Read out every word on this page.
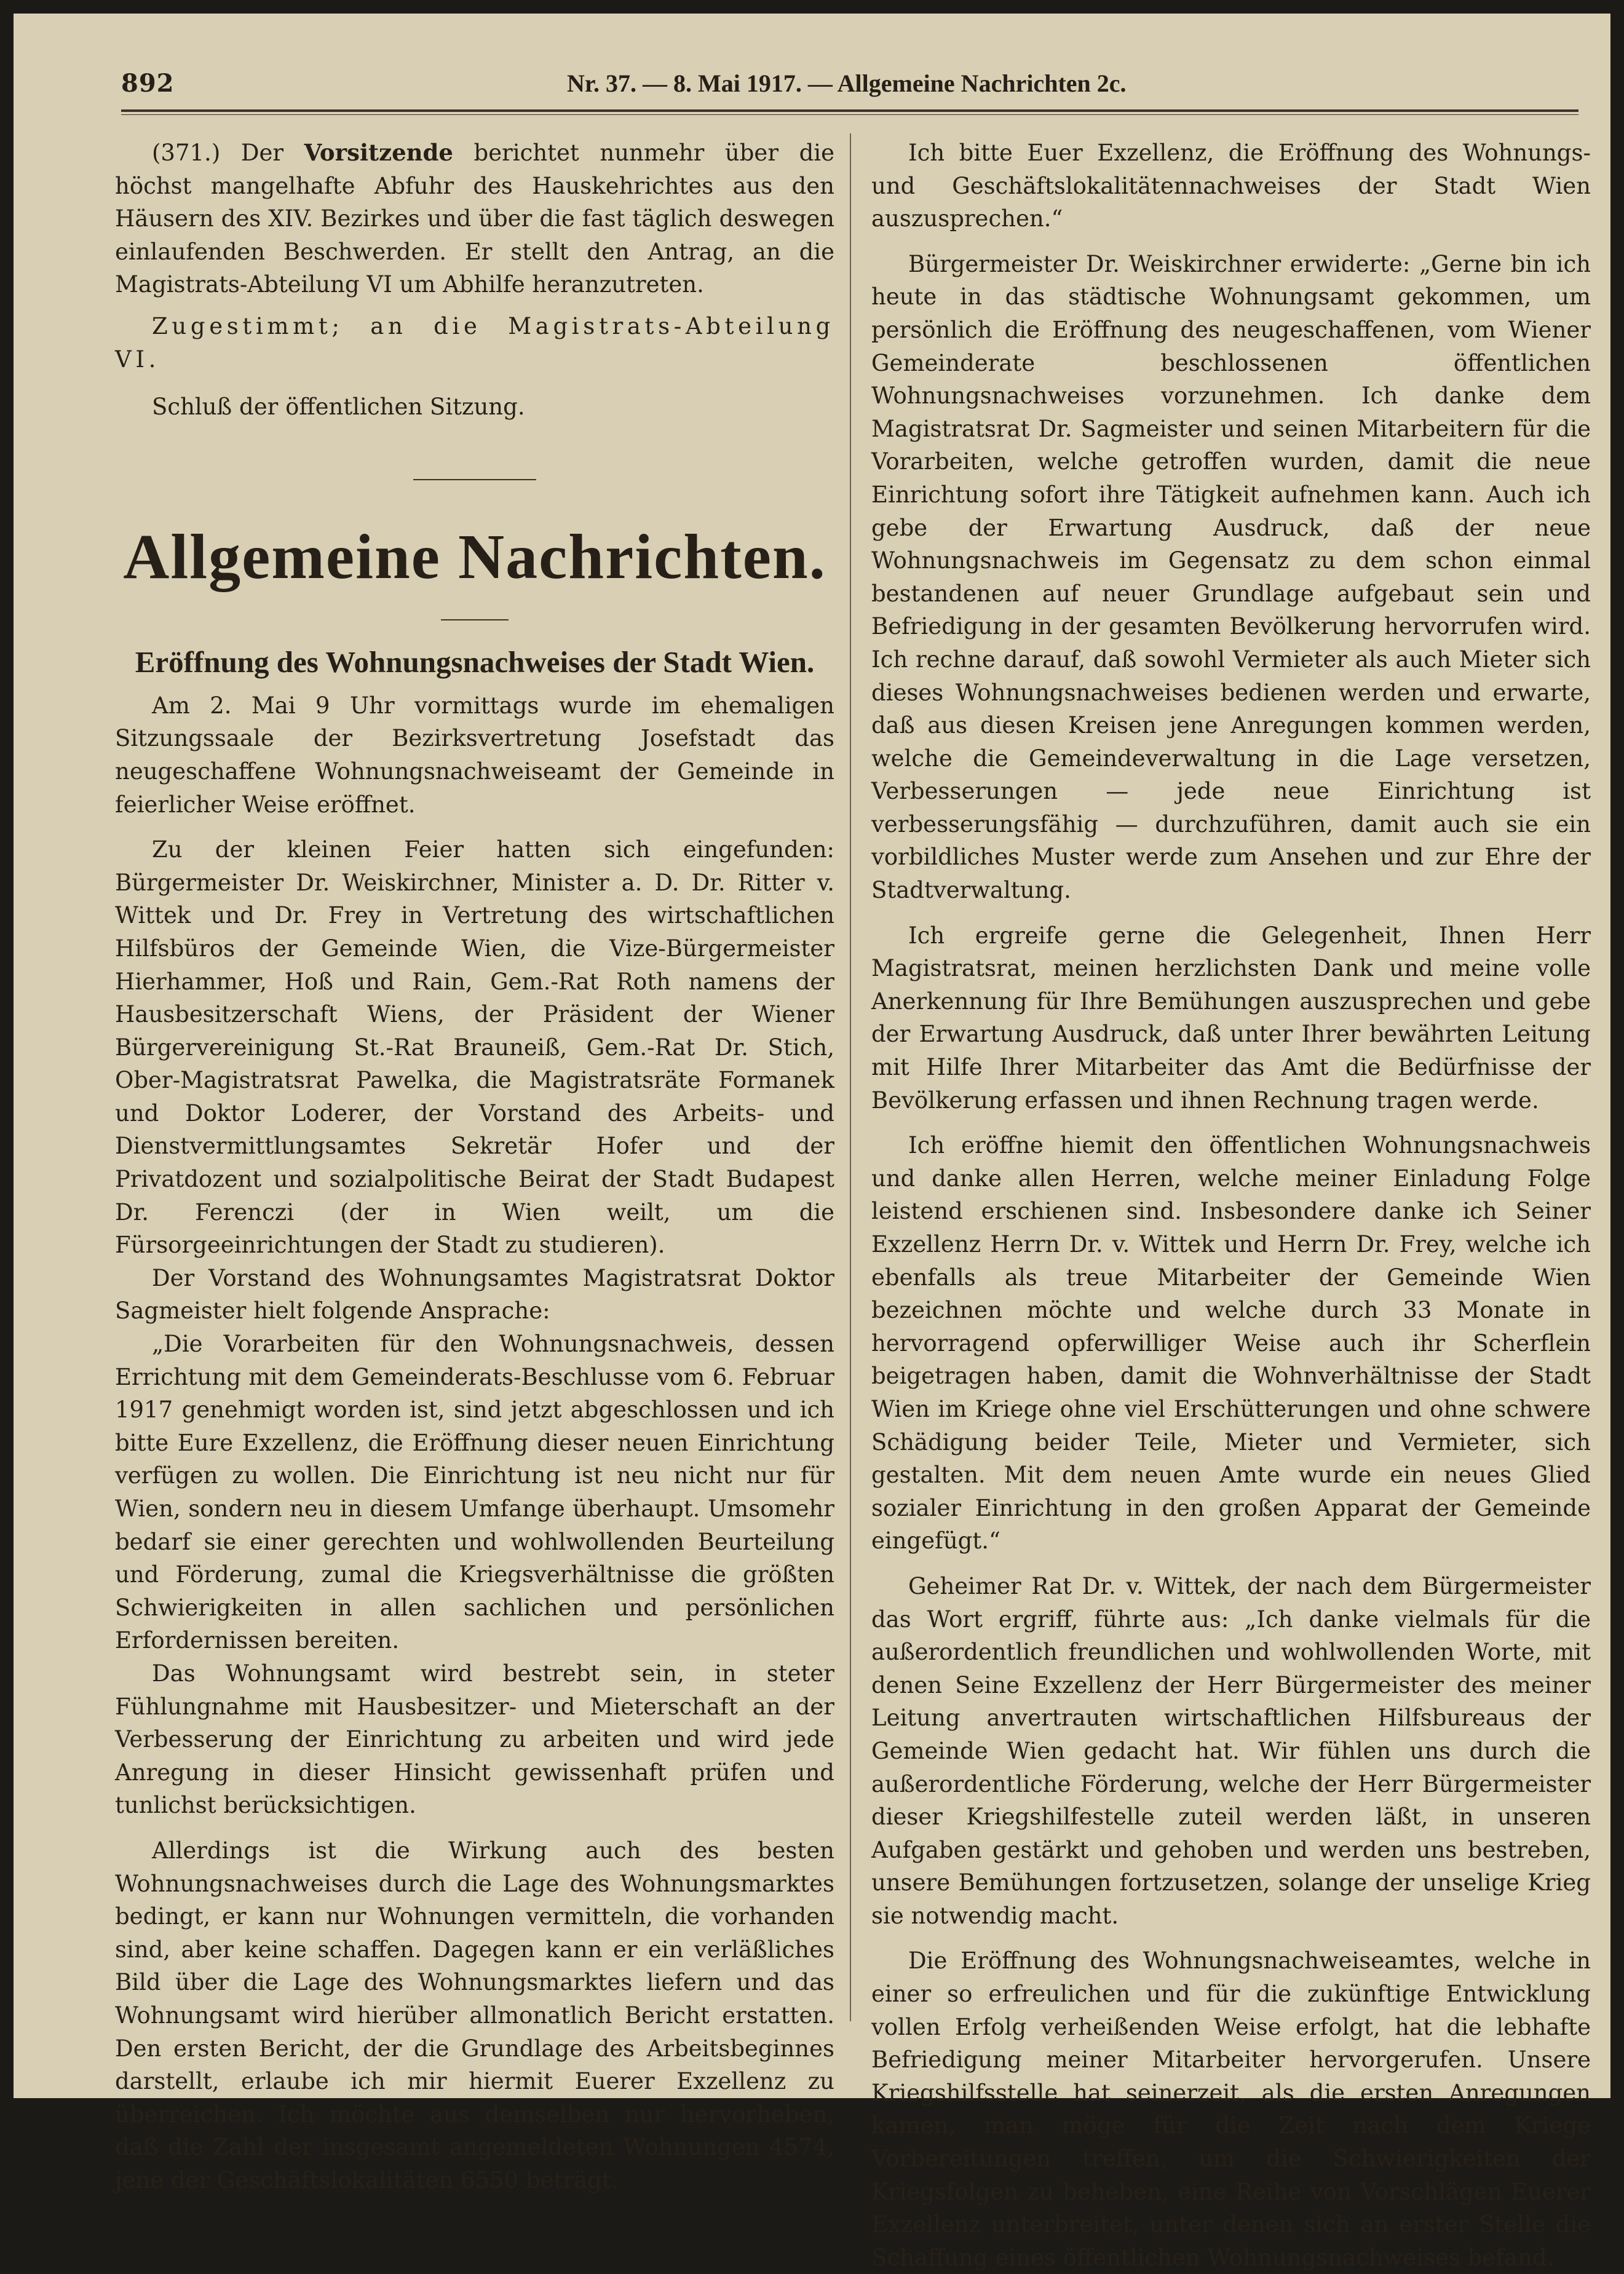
892	Nr. 37. — 8. Mai 1917. — Allgemeine Nachrichten 2c.

(371.) Der Vorsitzende berichtet nunmehr über die höchst mangelhafte Abfuhr des Hauskehrichtes aus den Häusern des XIV. Bezirkes und über die fast täglich deswegen einlaufenden Beschwerden. Er stellt den Antrag, an die Magistrats-Abteilung VI um Abhilfe heranzutreten.

Zugestimmt; an die Magistrats-Abteilung VI.

Schluß der öffentlichen Sitzung.

Allgemeine Nachrichten.
Eröffnung des Wohnungsnachweises der Stadt Wien.

Am 2. Mai 9 Uhr vormittags wurde im ehemaligen Sitzungssaale der Bezirksvertretung Josefstadt das neugeschaffene Wohnungsnachweiseamt der Gemeinde in feierlicher Weise eröffnet.

Zu der kleinen Feier hatten sich eingefunden: Bürgermeister Dr. Weiskirchner, Minister a. D. Dr. Ritter v. Wittek und Dr. Frey in Vertretung des wirtschaftlichen Hilfsbüros der Gemeinde Wien, die Vize-Bürgermeister Hierhammer, Hoß und Rain, Gem.-Rat Roth namens der Hausbesitzerschaft Wiens, der Präsident der Wiener Bürgervereinigung St.-Rat Brauneiß, Gem.-Rat Dr. Stich, Ober-Magistratsrat Pawelka, die Magistratsräte Formanek und Doktor Loderer, der Vorstand des Arbeits- und Dienstvermittlungsamtes Sekretär Hofer und der Privatdozent und sozialpolitische Beirat der Stadt Budapest Dr. Ferenczi (der in Wien weilt, um die Fürsorgeeinrichtungen der Stadt zu studieren).

Der Vorstand des Wohnungsamtes Magistratsrat Doktor Sagmeister hielt folgende Ansprache:

„Die Vorarbeiten für den Wohnungsnachweis, dessen Errichtung mit dem Gemeinderats-Beschlusse vom 6. Februar 1917 genehmigt worden ist, sind jetzt abgeschlossen und ich bitte Eure Exzellenz, die Eröffnung dieser neuen Einrichtung verfügen zu wollen. Die Einrichtung ist neu nicht nur für Wien, sondern neu in diesem Umfange überhaupt. Umsomehr bedarf sie einer gerechten und wohlwollenden Beurteilung und Förderung, zumal die Kriegsverhältnisse die größten Schwierigkeiten in allen sachlichen und persönlichen Erfordernissen bereiten.

Das Wohnungsamt wird bestrebt sein, in steter Fühlungnahme mit Hausbesitzer- und Mieterschaft an der Verbesserung der Einrichtung zu arbeiten und wird jede Anregung in dieser Hinsicht gewissenhaft prüfen und tunlichst berücksichtigen.

Allerdings ist die Wirkung auch des besten Wohnungsnachweises durch die Lage des Wohnungsmarktes bedingt, er kann nur Wohnungen vermitteln, die vorhanden sind, aber keine schaffen. Dagegen kann er ein verläßliches Bild über die Lage des Wohnungsmarktes liefern und das Wohnungsamt wird hierüber allmonatlich Bericht erstatten. Den ersten Bericht, der die Grundlage des Arbeitsbeginnes darstellt, erlaube ich mir hiermit Euerer Exzellenz zu überreichen. Ich möchte aus demselben nur hervorheben, daß die Zahl der insgesamt angemeldeten Wohnungen 4574, jene der Geschäftslokalitäten 6550 beträgt.

Ich bitte Euer Exzellenz, die Eröffnung des Wohnungs- und Geschäftslokalitätennachweises der Stadt Wien auszusprechen.“

Bürgermeister Dr. Weiskirchner erwiderte: „Gerne bin ich heute in das städtische Wohnungsamt gekommen, um persönlich die Eröffnung des neugeschaffenen, vom Wiener Gemeinderate beschlossenen öffentlichen Wohnungsnachweises vorzunehmen. Ich danke dem Magistratsrat Dr. Sagmeister und seinen Mitarbeitern für die Vorarbeiten, welche getroffen wurden, damit die neue Einrichtung sofort ihre Tätigkeit aufnehmen kann. Auch ich gebe der Erwartung Ausdruck, daß der neue Wohnungsnachweis im Gegensatz zu dem schon einmal bestandenen auf neuer Grundlage aufgebaut sein und Befriedigung in der gesamten Bevölkerung hervorrufen wird. Ich rechne darauf, daß sowohl Vermieter als auch Mieter sich dieses Wohnungsnachweises bedienen werden und erwarte, daß aus diesen Kreisen jene Anregungen kommen werden, welche die Gemeindeverwaltung in die Lage versetzen, Verbesserungen — jede neue Einrichtung ist verbesserungsfähig — durchzuführen, damit auch sie ein vorbildliches Muster werde zum Ansehen und zur Ehre der Stadtverwaltung.

Ich ergreife gerne die Gelegenheit, Ihnen Herr Magistratsrat, meinen herzlichsten Dank und meine volle Anerkennung für Ihre Bemühungen auszusprechen und gebe der Erwartung Ausdruck, daß unter Ihrer bewährten Leitung mit Hilfe Ihrer Mitarbeiter das Amt die Bedürfnisse der Bevölkerung erfassen und ihnen Rechnung tragen werde.

Ich eröffne hiemit den öffentlichen Wohnungsnachweis und danke allen Herren, welche meiner Einladung Folge leistend erschienen sind. Insbesondere danke ich Seiner Exzellenz Herrn Dr. v. Wittek und Herrn Dr. Frey, welche ich ebenfalls als treue Mitarbeiter der Gemeinde Wien bezeichnen möchte und welche durch 33 Monate in hervorragend opferwilliger Weise auch ihr Scherflein beigetragen haben, damit die Wohnverhältnisse der Stadt Wien im Kriege ohne viel Erschütterungen und ohne schwere Schädigung beider Teile, Mieter und Vermieter, sich gestalten. Mit dem neuen Amte wurde ein neues Glied sozialer Einrichtung in den großen Apparat der Gemeinde eingefügt.“

Geheimer Rat Dr. v. Wittek, der nach dem Bürgermeister das Wort ergriff, führte aus: „Ich danke vielmals für die außerordentlich freundlichen und wohlwollenden Worte, mit denen Seine Exzellenz der Herr Bürgermeister des meiner Leitung anvertrauten wirtschaftlichen Hilfsbureaus der Gemeinde Wien gedacht hat. Wir fühlen uns durch die außerordentliche Förderung, welche der Herr Bürgermeister dieser Kriegshilfestelle zuteil werden läßt, in unseren Aufgaben gestärkt und gehoben und werden uns bestreben, unsere Bemühungen fortzusetzen, solange der unselige Krieg sie notwendig macht.

Die Eröffnung des Wohnungsnachweiseamtes, welche in einer so erfreulichen und für die zukünftige Entwicklung vollen Erfolg verheißenden Weise erfolgt, hat die lebhafte Befriedigung meiner Mitarbeiter hervorgerufen. Unsere Kriegshilfsstelle hat seinerzeit, als die ersten Anregungen kamen, man möge für die Zeit nach dem Kriege Vorbereitungen treffen, um die Schwierigkeiten der Kriegsfolgen zu beheben, eine Reihe von Vorschlägen Euerer Exzellenz unterbreitet, unter denen sich an erster Stelle die Schaffung eines öffentlichen Wohnungsnachweises befand.
